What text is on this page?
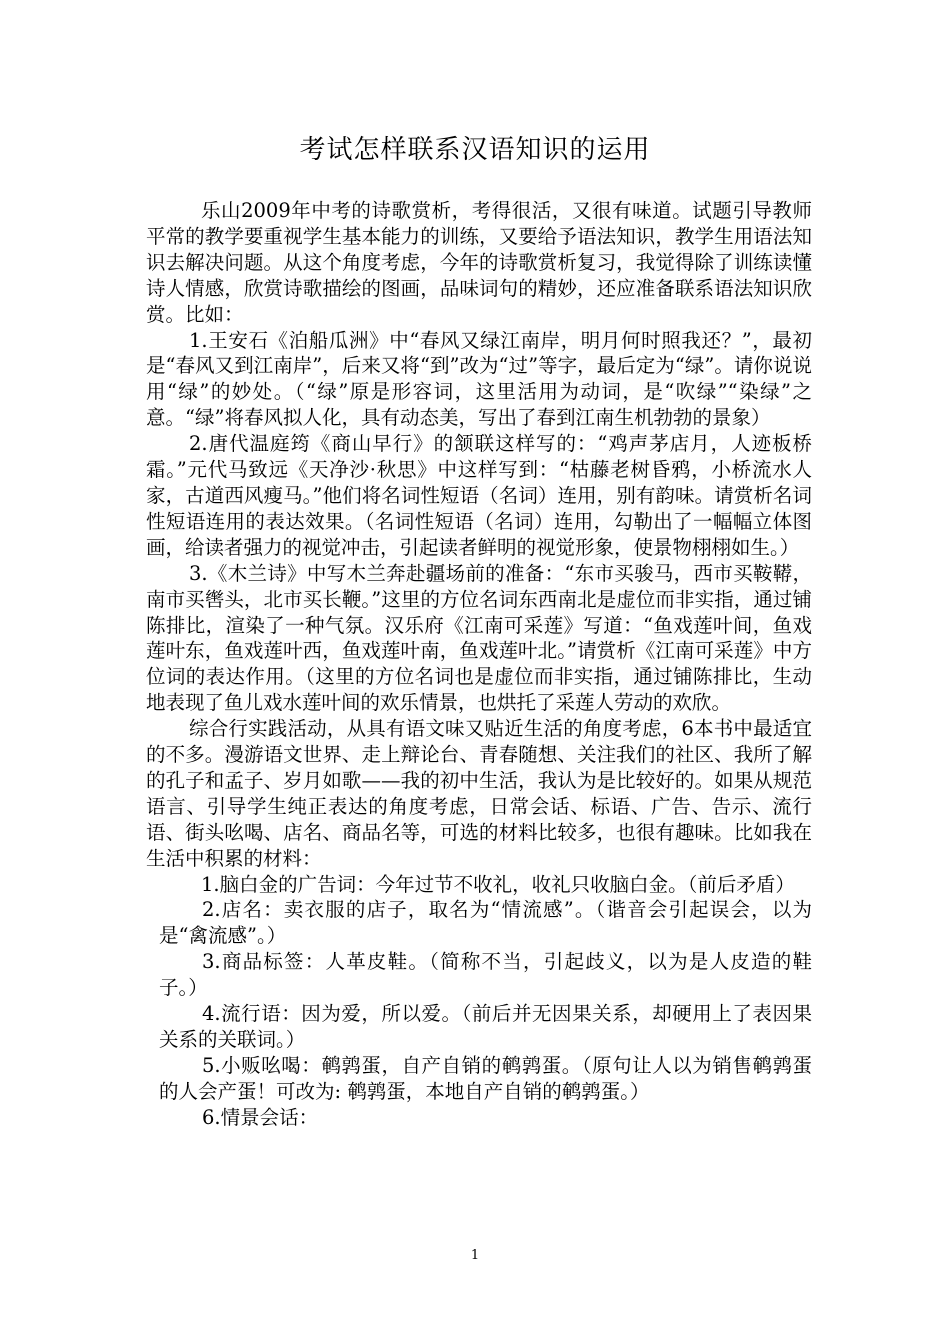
考试怎样联系汉语知识的运用

乐山2009年中考的诗歌赏析，考得很活，又很有味道。试题引导教师平常的教学要重视学生基本能力的训练，又要给予语法知识，教学生用语法知识去解决问题。从这个角度考虑，今年的诗歌赏析复习，我觉得除了训练读懂诗人情感，欣赏诗歌描绘的图画，品味词句的精妙，还应准备联系语法知识欣赏。比如：

1.王安石《泊船瓜洲》中“春风又绿江南岸，明月何时照我还？”，最初是“春风又到江南岸”，后来又将“到”改为“过”等字，最后定为“绿”。请你说说用“绿”的妙处。（“绿”原是形容词，这里活用为动词，是“吹绿”“染绿”之意。“绿”将春风拟人化，具有动态美，写出了春到江南生机勃勃的景象）

2.唐代温庭筠《商山早行》的颔联这样写的：“鸡声茅店月，人迹板桥霜。”元代马致远《天净沙·秋思》中这样写到：“枯藤老树昏鸦，小桥流水人家，古道西风瘦马。”他们将名词性短语（名词）连用，别有韵味。请赏析名词性短语连用的表达效果。（名词性短语（名词）连用，勾勒出了一幅幅立体图画，给读者强力的视觉冲击，引起读者鲜明的视觉形象，使景物栩栩如生。）

3.《木兰诗》中写木兰奔赴疆场前的准备：“东市买骏马，西市买鞍鞯，南市买辔头，北市买长鞭。”这里的方位名词东西南北是虚位而非实指，通过铺陈排比，渲染了一种气氛。汉乐府《江南可采莲》写道：“鱼戏莲叶间，鱼戏莲叶东，鱼戏莲叶西，鱼戏莲叶南，鱼戏莲叶北。”请赏析《江南可采莲》中方位词的表达作用。（这里的方位名词也是虚位而非实指，通过铺陈排比，生动地表现了鱼儿戏水莲叶间的欢乐情景，也烘托了采莲人劳动的欢欣。

综合行实践活动，从具有语文味又贴近生活的角度考虑，6本书中最适宜的不多。漫游语文世界、走上辩论台、青春随想、关注我们的社区、我所了解的孔子和孟子、岁月如歌——我的初中生活，我认为是比较好的。如果从规范语言、引导学生纯正表达的角度考虑，日常会话、标语、广告、告示、流行语、街头吆喝、店名、商品名等，可选的材料比较多，也很有趣味。比如我在生活中积累的材料：

1.脑白金的广告词：今年过节不收礼，收礼只收脑白金。（前后矛盾）

2.店名：卖衣服的店子，取名为“情流感”。（谐音会引起误会，以为是“禽流感”。）

3.商品标签：人革皮鞋。（简称不当，引起歧义，以为是人皮造的鞋子。）

4.流行语：因为爱，所以爱。（前后并无因果关系，却硬用上了表因果关系的关联词。）

5.小贩吆喝：鹌鹑蛋，自产自销的鹌鹑蛋。（原句让人以为销售鹌鹑蛋的人会产蛋！可改为: 鹌鹑蛋，本地自产自销的鹌鹑蛋。）

6.情景会话：

1
